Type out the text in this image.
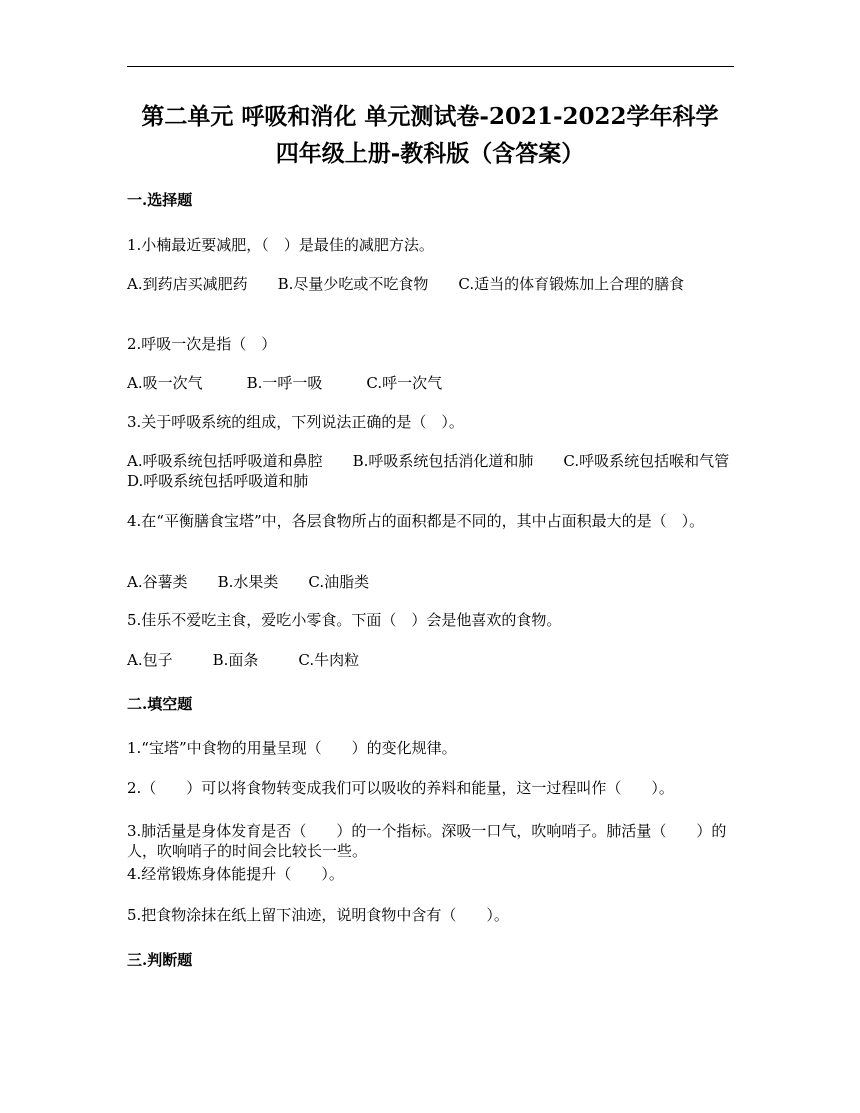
第二单元 呼吸和消化 单元测试卷-2021-2022学年科学
四年级上册-教科版（含答案）

一.选择题

1.小楠最近要减肥，（　）是最佳的减肥方法。

A.到药店买减肥药　　B.尽量少吃或不吃食物　　C.适当的体育锻炼加上合理的膳食

2.呼吸一次是指（　）

A.吸一次气	B.一呼一吸	C.呼一次气

3.关于呼吸系统的组成，下列说法正确的是（　）。

A.呼吸系统包括呼吸道和鼻腔　　B.呼吸系统包括消化道和肺　　C.呼吸系统包括喉和气管　　D.呼吸系统包括呼吸道和肺

4.在“平衡膳食宝塔”中，各层食物所占的面积都是不同的，其中占面积最大的是（　）。

A.谷薯类 B.水果类 C.油脂类

5.佳乐不爱吃主食，爱吃小零食。下面（　）会是他喜欢的食物。

A.包子	B.面条	C.牛肉粒

二.填空题

1.“宝塔”中食物的用量呈现（　　）的变化规律。

2.（　　）可以将食物转变成我们可以吸收的养料和能量，这一过程叫作（　　）。

3.肺活量是身体发育是否（　　）的一个指标。深吸一口气，吹响哨子。肺活量（　　）的人，吹响哨子的时间会比较长一些。

4.经常锻炼身体能提升（　　）。

5.把食物涂抹在纸上留下油迹，说明食物中含有（　　）。

三.判断题
